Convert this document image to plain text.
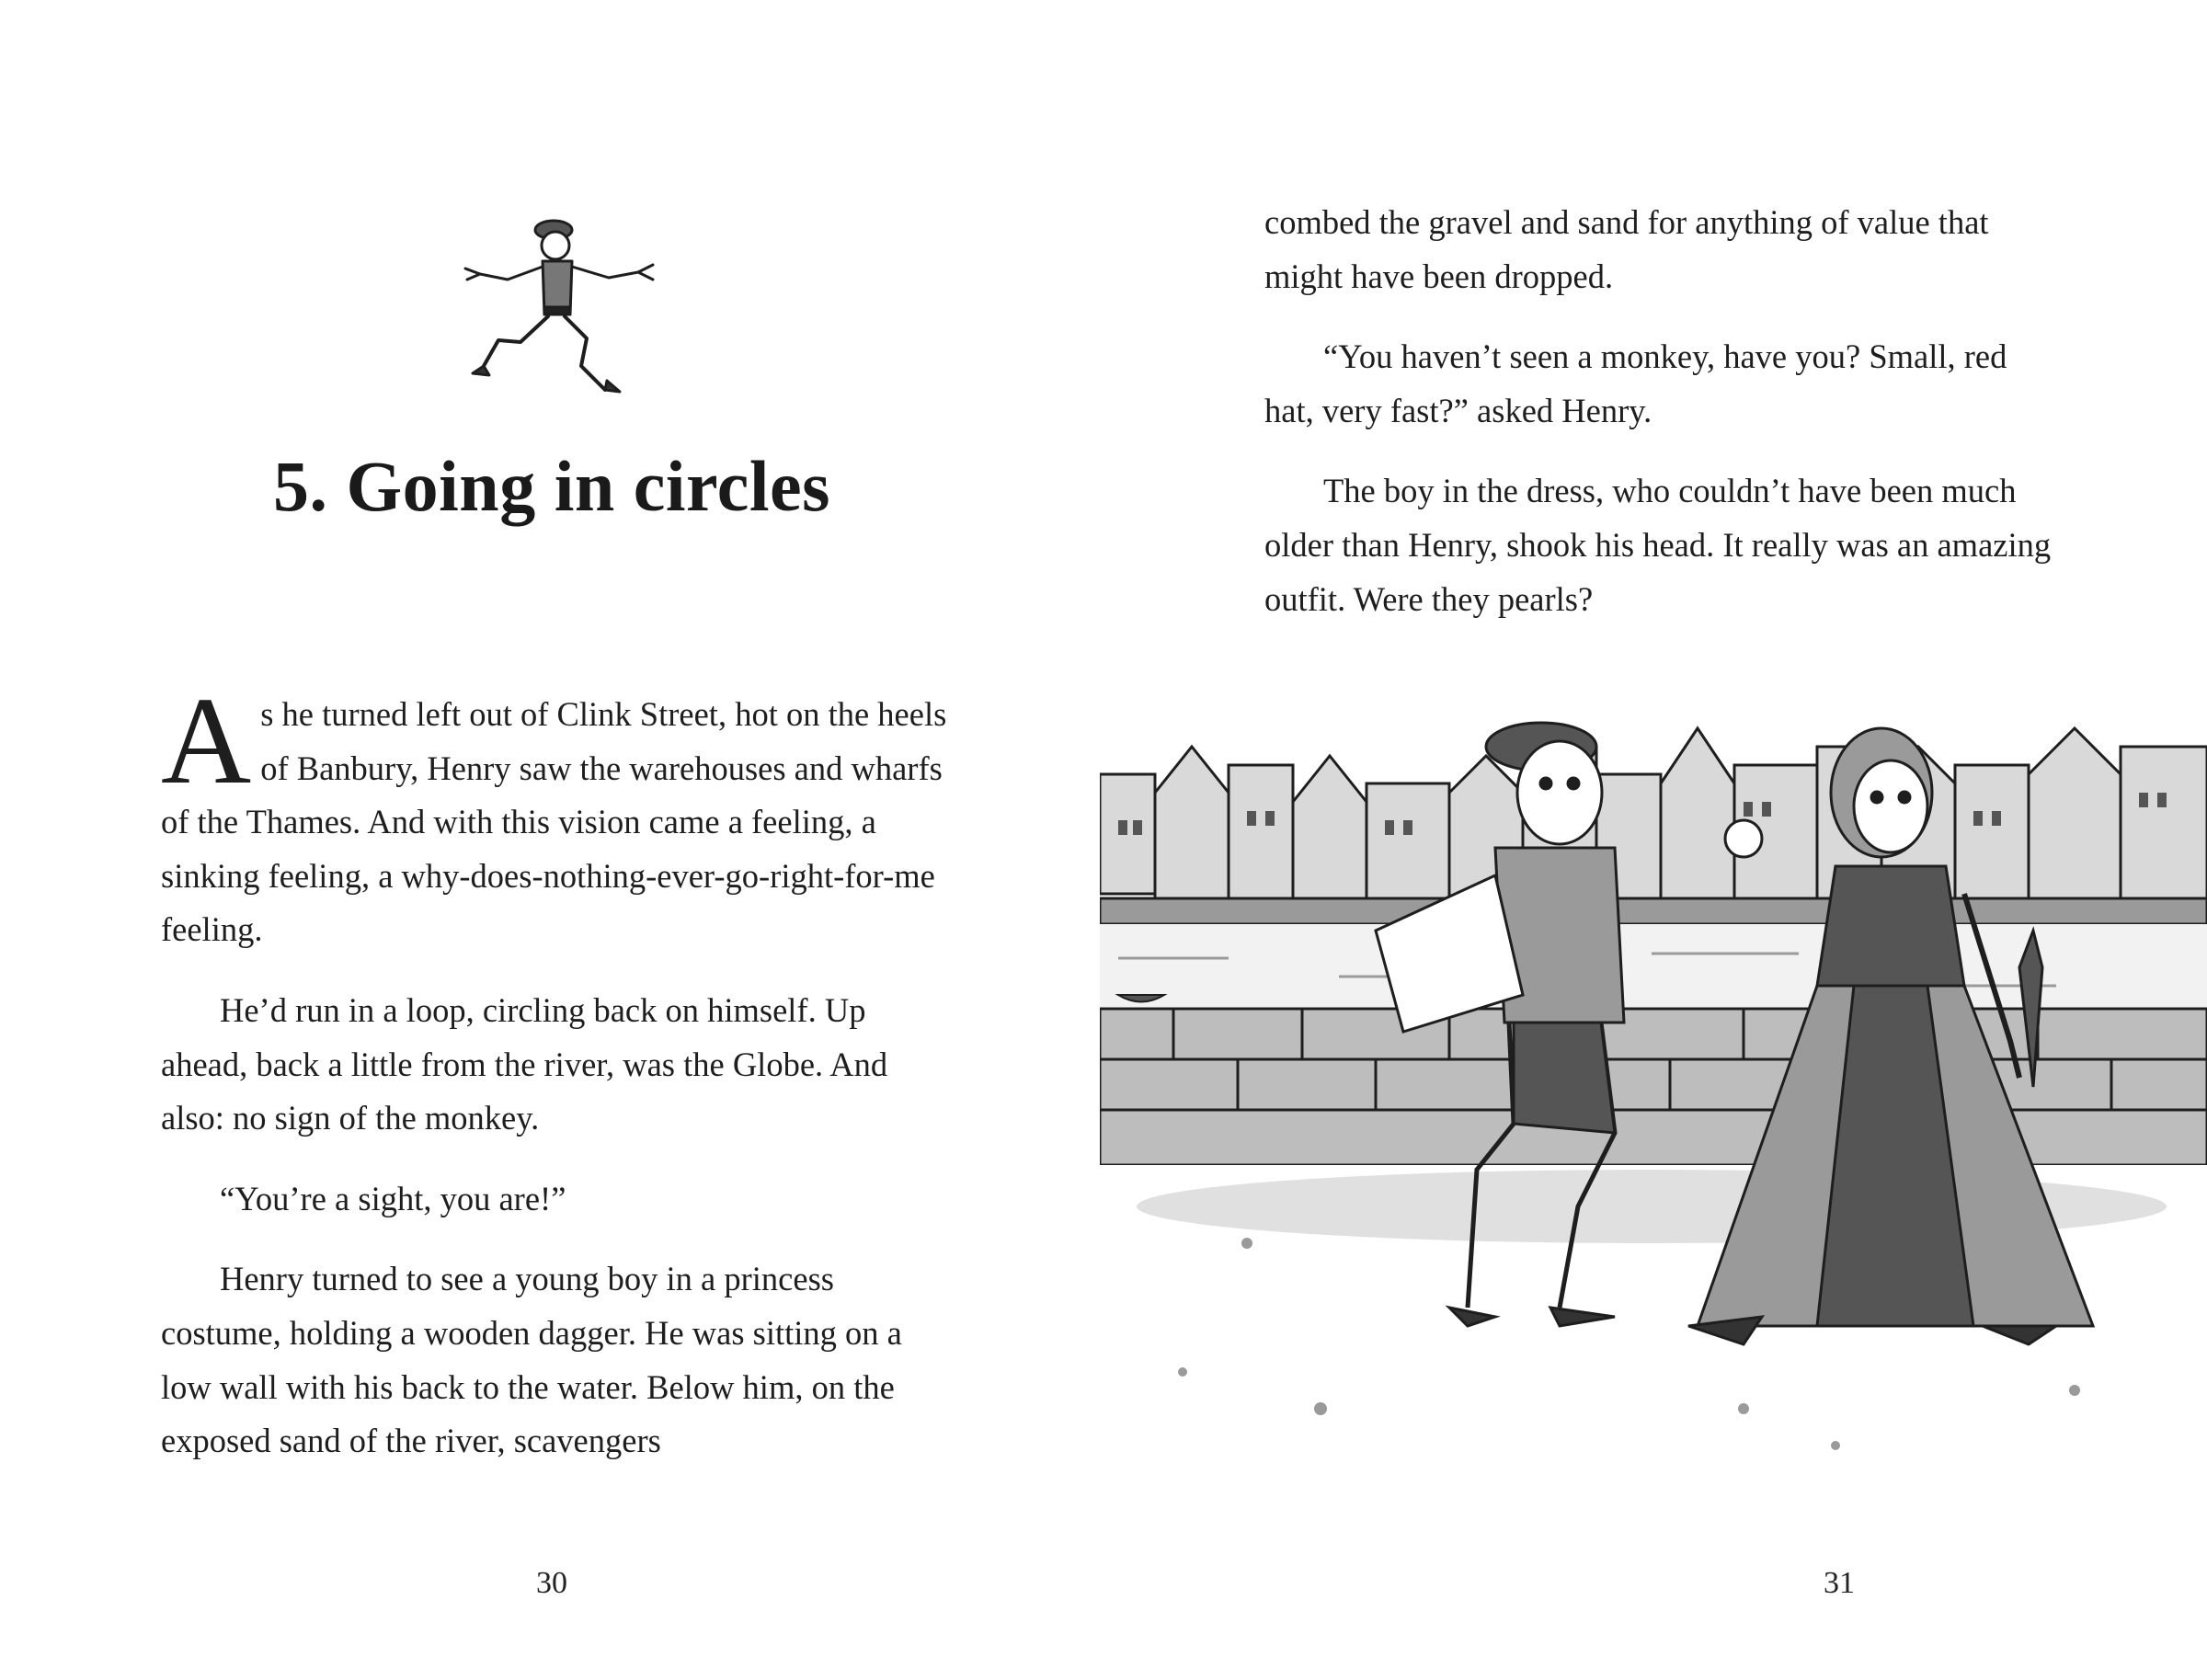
5. Going in circles

As he turned left out of Clink Street, hot on the heels of Banbury, Henry saw the warehouses and wharfs of the Thames. And with this vision came a feeling, a sinking feeling, a why-does-nothing-ever-go-right-for-me feeling.

He’d run in a loop, circling back on himself. Up ahead, back a little from the river, was the Globe. And also: no sign of the monkey.

“You’re a sight, you are!”

Henry turned to see a young boy in a princess costume, holding a wooden dagger. He was sitting on a low wall with his back to the water. Below him, on the exposed sand of the river, scavengers

30

combed the gravel and sand for anything of value that might have been dropped.

“You haven’t seen a monkey, have you? Small, red hat, very fast?” asked Henry.

The boy in the dress, who couldn’t have been much older than Henry, shook his head. It really was an amazing outfit. Were they pearls?

31
